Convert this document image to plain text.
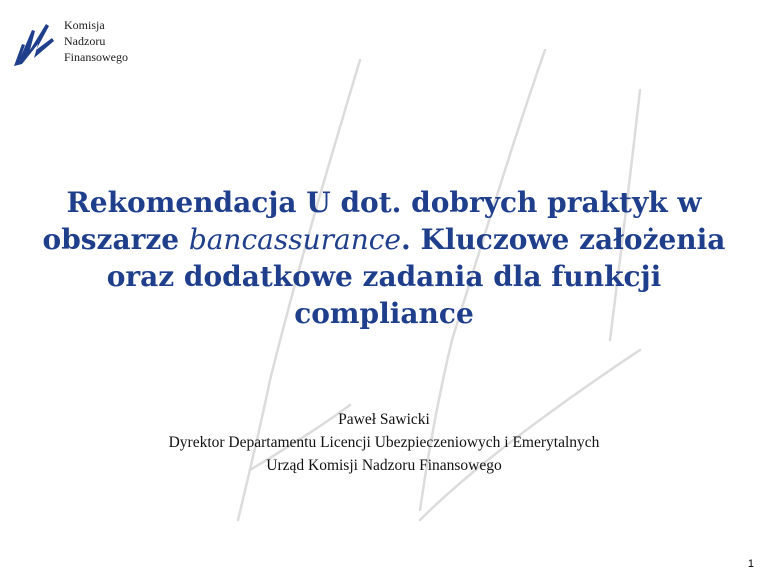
Komisja
Nadzoru
Finansowego
Rekomendacja U dot. dobrych praktyk w obszarze bancassurance. Kluczowe założenia oraz dodatkowe zadania dla funkcji compliance
Paweł Sawicki
Dyrektor Departamentu Licencji Ubezpieczeniowych i Emerytalnych
Urząd Komisji Nadzoru Finansowego
1
